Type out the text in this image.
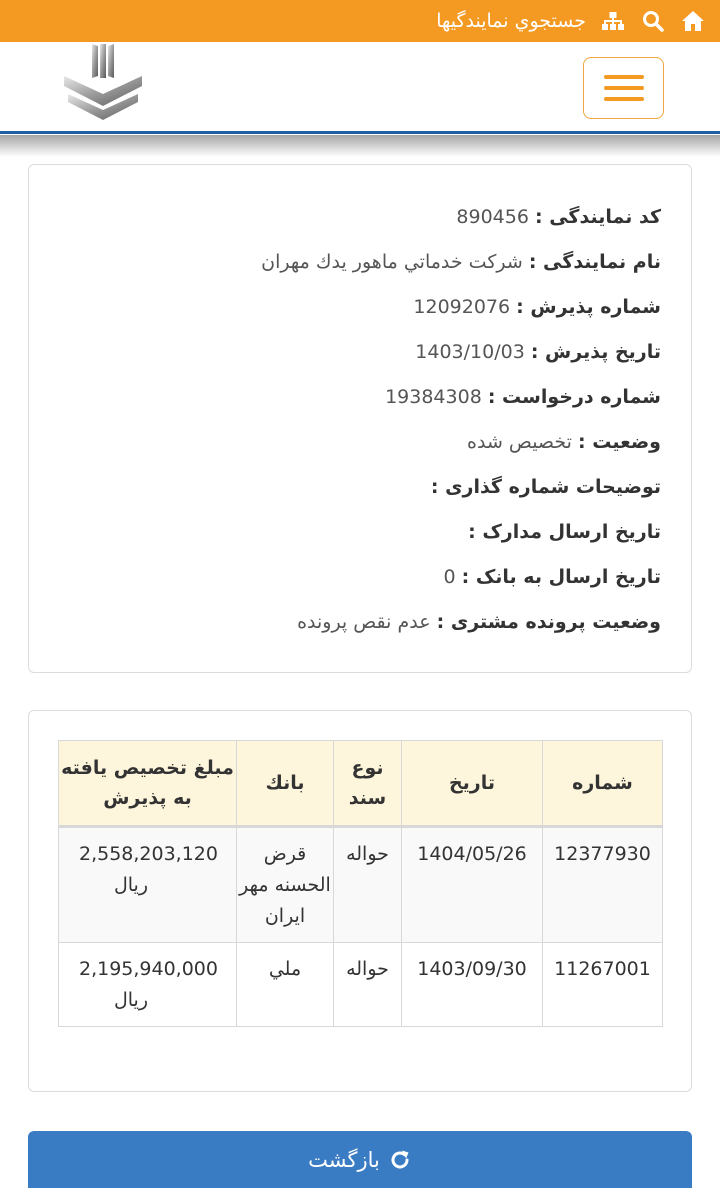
جستجوي نمايندگيها
کد نمایندگی : 890456
نام نمایندگی : شرکت خدماتي ماهور يدك مهران
شماره پذیرش : 12092076
تاریخ پذیرش : 1403/10/03
شماره درخواست : 19384308
وضعیت : تخصیص شده
توضیحات شماره گذاری :
تاریخ ارسال مدارک :
تاریخ ارسال به بانک : 0
وضعیت پرونده مشتری : عدم نقص پرونده
شماره	تاریخ	نوع سند	بانك	مبلغ تخصیص یافته به پذیرش
12377930	1404/05/26	حواله	قرض الحسنه مهر ايران	2,558,203,120
ريال

11267001	1403/09/30	حواله	ملي	2,195,940,000
ريال
بازگشت
